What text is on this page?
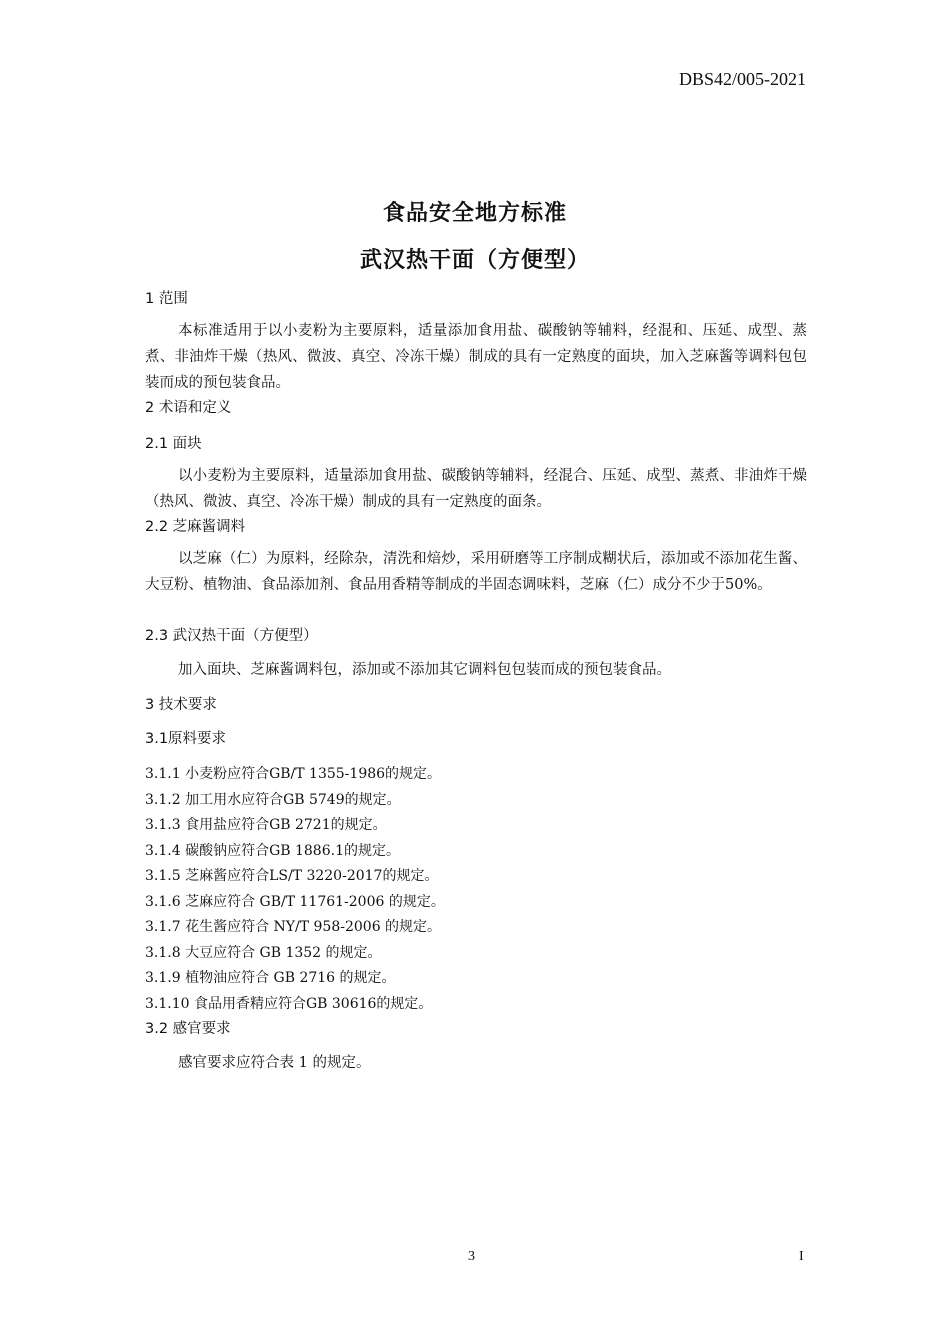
DBS42/005-2021

食品安全地方标准
武汉热干面（方便型）
1 范围

本标准适用于以小麦粉为主要原料，适量添加食用盐、碳酸钠等辅料，经混和、压延、成型、蒸煮、非油炸干燥（热风、微波、真空、冷冻干燥）制成的具有一定熟度的面块，加入芝麻酱等调料包包装而成的预包装食品。

2 术语和定义
2.1 面块

以小麦粉为主要原料，适量添加食用盐、碳酸钠等辅料，经混合、压延、成型、蒸煮、非油炸干燥（热风、微波、真空、冷冻干燥）制成的具有一定熟度的面条。

2.2 芝麻酱调料

以芝麻（仁）为原料，经除杂，清洗和焙炒，采用研磨等工序制成糊状后，添加或不添加花生酱、大豆粉、植物油、食品添加剂、食品用香精等制成的半固态调味料，芝麻（仁）成分不少于50%。

2.3 武汉热干面（方便型）

加入面块、芝麻酱调料包，添加或不添加其它调料包包装而成的预包装食品。

3 技术要求
3.1原料要求
3.1.1 小麦粉应符合GB/T 1355-1986的规定。
3.1.2 加工用水应符合GB 5749的规定。
3.1.3 食用盐应符合GB 2721的规定。
3.1.4 碳酸钠应符合GB 1886.1的规定。
3.1.5 芝麻酱应符合LS/T 3220-2017的规定。
3.1.6 芝麻应符合 GB/T 11761-2006 的规定。
3.1.7 花生酱应符合 NY/T 958-2006 的规定。
3.1.8 大豆应符合 GB 1352 的规定。
3.1.9 植物油应符合 GB 2716 的规定。
3.1.10 食品用香精应符合GB 30616的规定。
3.2 感官要求

感官要求应符合表 1 的规定。

3	I
